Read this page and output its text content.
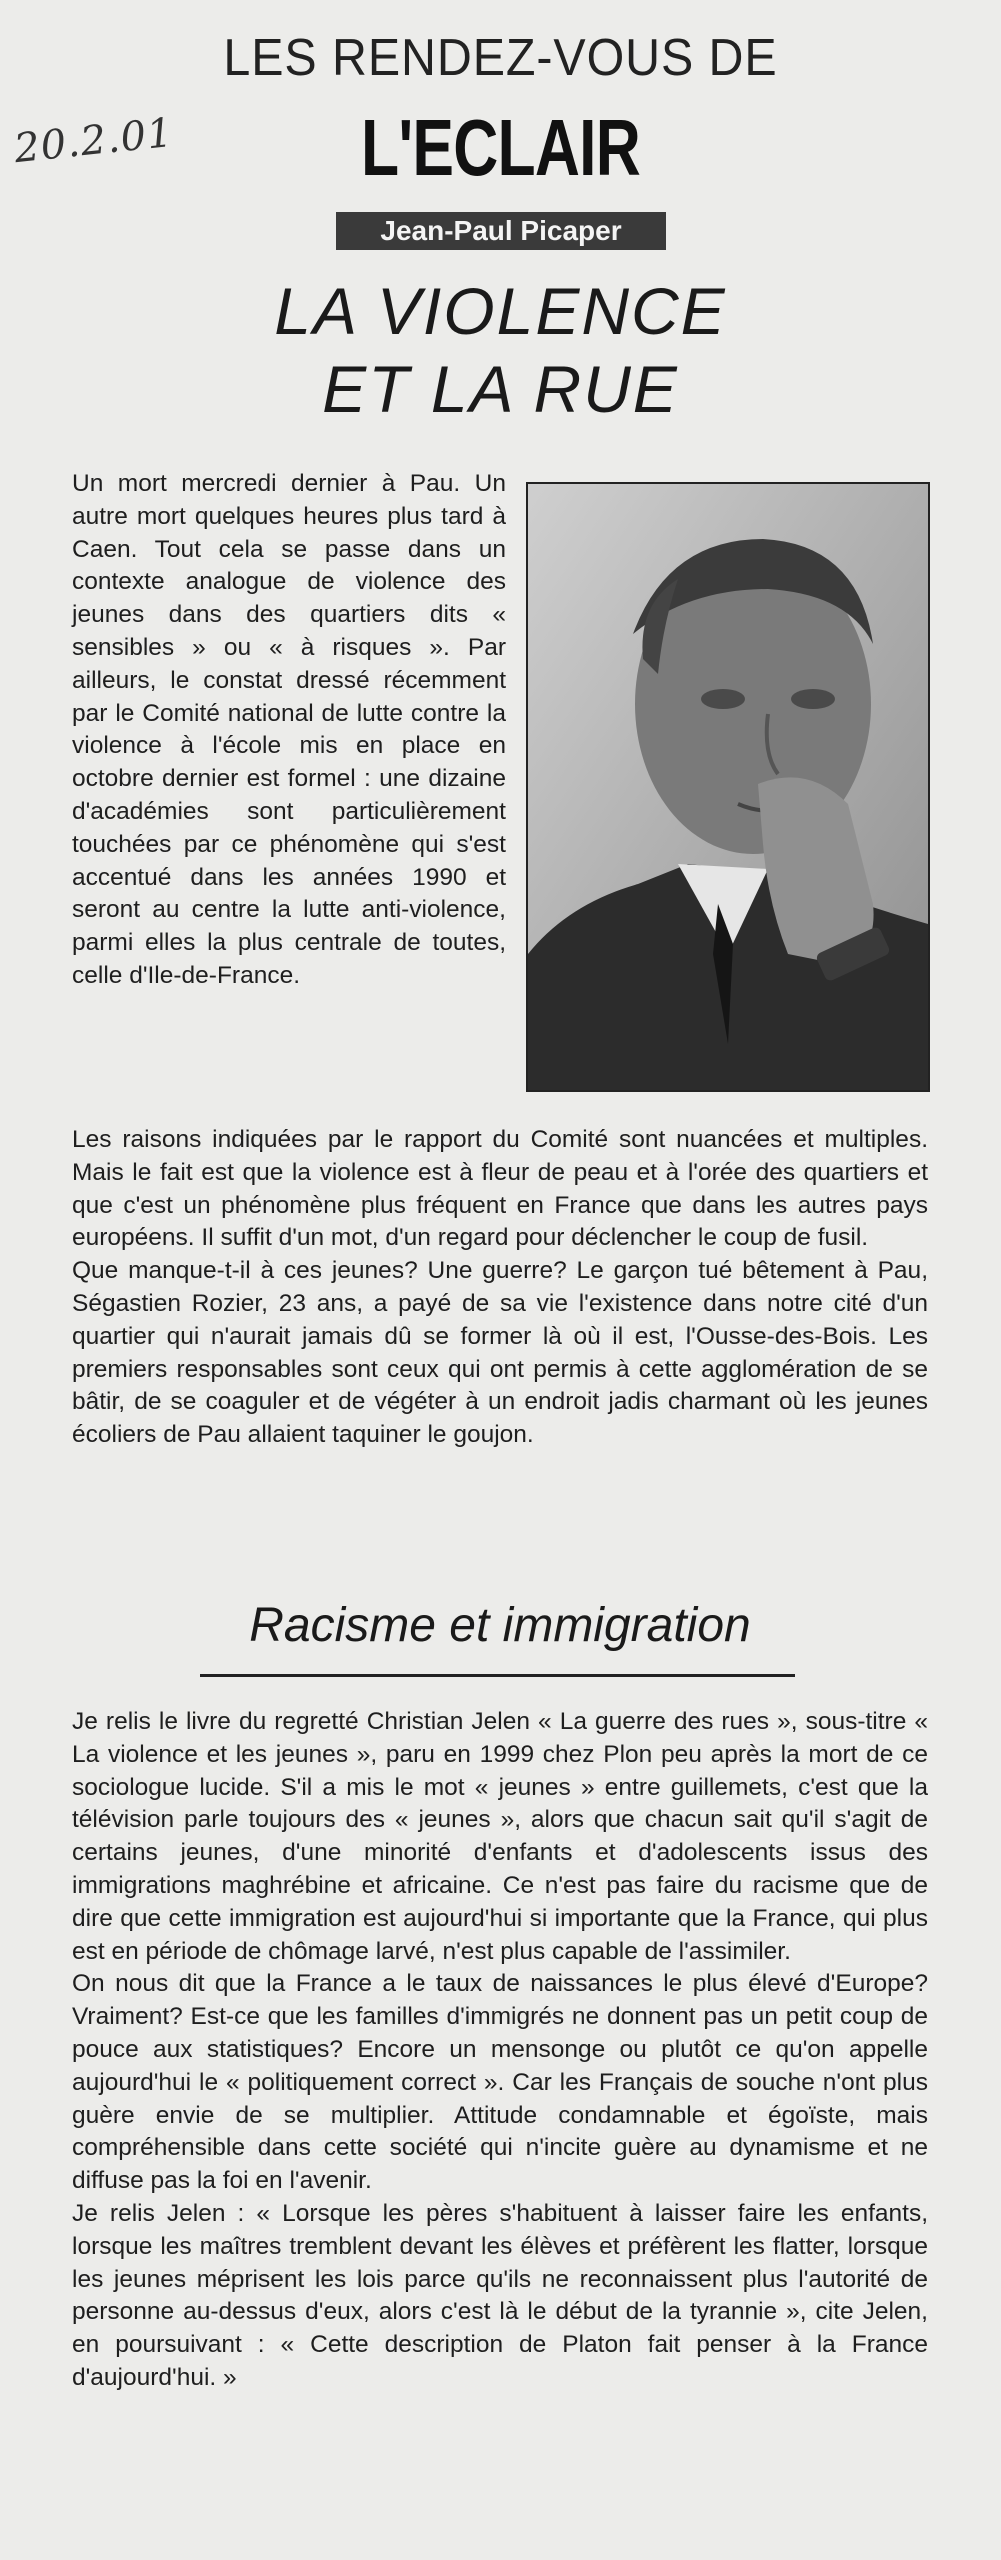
20.2.01
LES RENDEZ-VOUS DE
L'ECLAIR
Jean-Paul Picaper
LA VIOLENCE
ET LA RUE

Un mort mercredi dernier à Pau. Un autre mort quelques heures plus tard à Caen. Tout cela se passe dans un contexte analogue de violence des jeunes dans des quartiers dits « sensibles » ou « à risques ». Par ailleurs, le constat dressé récemment par le Comité national de lutte contre la violence à l'école mis en place en octobre dernier est formel : une dizaine d'académies sont particulièrement touchées par ce phénomène qui s'est accentué dans les années 1990 et seront au centre la lutte anti-violence, parmi elles la plus centrale de toutes, celle d'Ile-de-France.

Les raisons indiquées par le rapport du Comité sont nuancées et multiples. Mais le fait est que la violence est à fleur de peau et à l'orée des quartiers et que c'est un phénomène plus fréquent en France que dans les autres pays européens. Il suffit d'un mot, d'un regard pour déclencher le coup de fusil.

Que manque-t-il à ces jeunes? Une guerre? Le garçon tué bêtement à Pau, Ségastien Rozier, 23 ans, a payé de sa vie l'existence dans notre cité d'un quartier qui n'aurait jamais dû se former là où il est, l'Ousse-des-Bois. Les premiers responsables sont ceux qui ont permis à cette agglomération de se bâtir, de se coaguler et de végéter à un endroit jadis charmant où les jeunes écoliers de Pau allaient taquiner le goujon.

Racisme et immigration

Je relis le livre du regretté Christian Jelen « La guerre des rues », sous-titre « La violence et les jeunes », paru en 1999 chez Plon peu après la mort de ce sociologue lucide. S'il a mis le mot « jeunes » entre guillemets, c'est que la télévision parle toujours des « jeunes », alors que chacun sait qu'il s'agit de certains jeunes, d'une minorité d'enfants et d'adolescents issus des immigrations maghrébine et africaine. Ce n'est pas faire du racisme que de dire que cette immigration est aujourd'hui si importante que la France, qui plus est en période de chômage larvé, n'est plus capable de l'assimiler.

On nous dit que la France a le taux de naissances le plus élevé d'Europe? Vraiment? Est-ce que les familles d'immigrés ne donnent pas un petit coup de pouce aux statistiques? Encore un mensonge ou plutôt ce qu'on appelle aujourd'hui le « politiquement correct ». Car les Français de souche n'ont plus guère envie de se multiplier. Attitude condamnable et égoïste, mais compréhensible dans cette société qui n'incite guère au dynamisme et ne diffuse pas la foi en l'avenir.

Je relis Jelen : « Lorsque les pères s'habituent à laisser faire les enfants, lorsque les maîtres tremblent devant les élèves et préfèrent les flatter, lorsque les jeunes méprisent les lois parce qu'ils ne reconnaissent plus l'autorité de personne au-dessus d'eux, alors c'est là le début de la tyrannie », cite Jelen, en poursuivant : « Cette description de Platon fait penser à la France d'aujourd'hui. »
